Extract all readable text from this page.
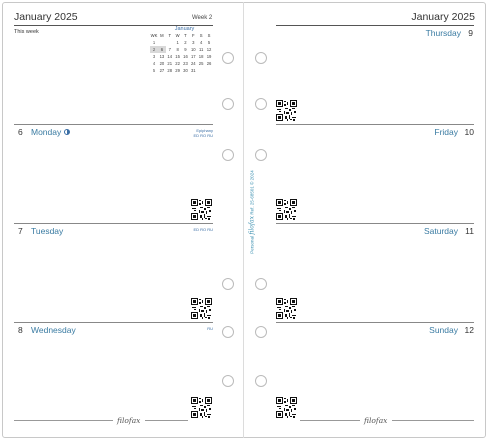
January 2025	Week 2
This week	January
WK	M	T	W	T	F	S	S
1			1	2	3	4	5
2	6	7	8	9	10	11	12
3	13	14	15	16	17	18	19
4	20	21	22	23	24	25	26
5	27	28	29	30	31		
6 Monday	Epiphany
ED RO RU
7 Tuesday	ED RO RU
8 Wednesday	RU
filofax
Personal filofax Ref. 25-68501 © 2024
January 2025
Thursday 9
Friday 10
Saturday 11
Sunday 12
filofax
